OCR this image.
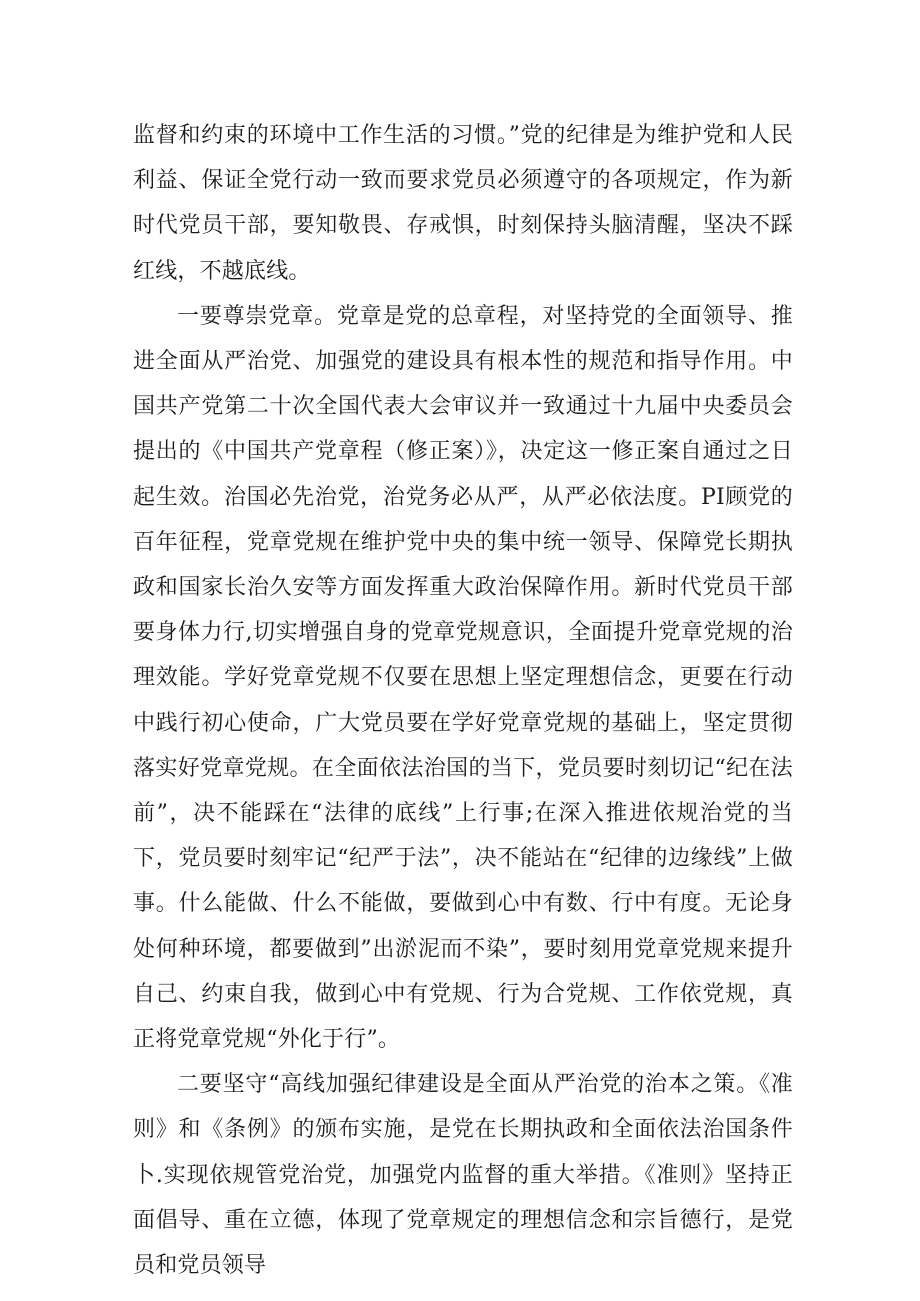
监督和约束的环境中工作生活的习惯。”党的纪律是为维护党和人民利益、保证全党行动一致而要求党员必须遵守的各项规定，作为新时代党员干部，要知敬畏、存戒惧，时刻保持头脑清醒，坚决不踩红线，不越底线。

一要尊崇党章。党章是党的总章程，对坚持党的全面领导、推进全面从严治党、加强党的建设具有根本性的规范和指导作用。中国共产党第二十次全国代表大会审议并一致通过十九届中央委员会提出的《中国共产党章程（修正案）》，决定这一修正案自通过之日起生效。治国必先治党，治党务必从严，从严必依法度。PI顾党的百年征程，党章党规在维护党中央的集中统一领导、保障党长期执政和国家长治久安等方面发挥重大政治保障作用。新时代党员干部要身体力行,切实增强自身的党章党规意识，全面提升党章党规的治理效能。学好党章党规不仅要在思想上坚定理想信念，更要在行动中践行初心使命，广大党员要在学好党章党规的基础上，坚定贯彻落实好党章党规。在全面依法治国的当下，党员要时刻切记“纪在法前”，决不能踩在“法律的底线”上行事;在深入推进依规治党的当下，党员要时刻牢记“纪严于法”，决不能站在“纪律的边缘线”上做事。什么能做、什么不能做，要做到心中有数、行中有度。无论身处何种环境，都要做到”出淤泥而不染”，要时刻用党章党规来提升自己、约束自我，做到心中有党规、行为合党规、工作依党规，真正将党章党规“外化于行”。

二要坚守“高线加强纪律建设是全面从严治党的治本之策。《准则》和《条例》的颁布实施，是党在长期执政和全面依法治国条件卜.实现依规管党治党，加强党内监督的重大举措。《准则》坚持正面倡导、重在立德，体现了党章规定的理想信念和宗旨德行，是党员和党员领导
